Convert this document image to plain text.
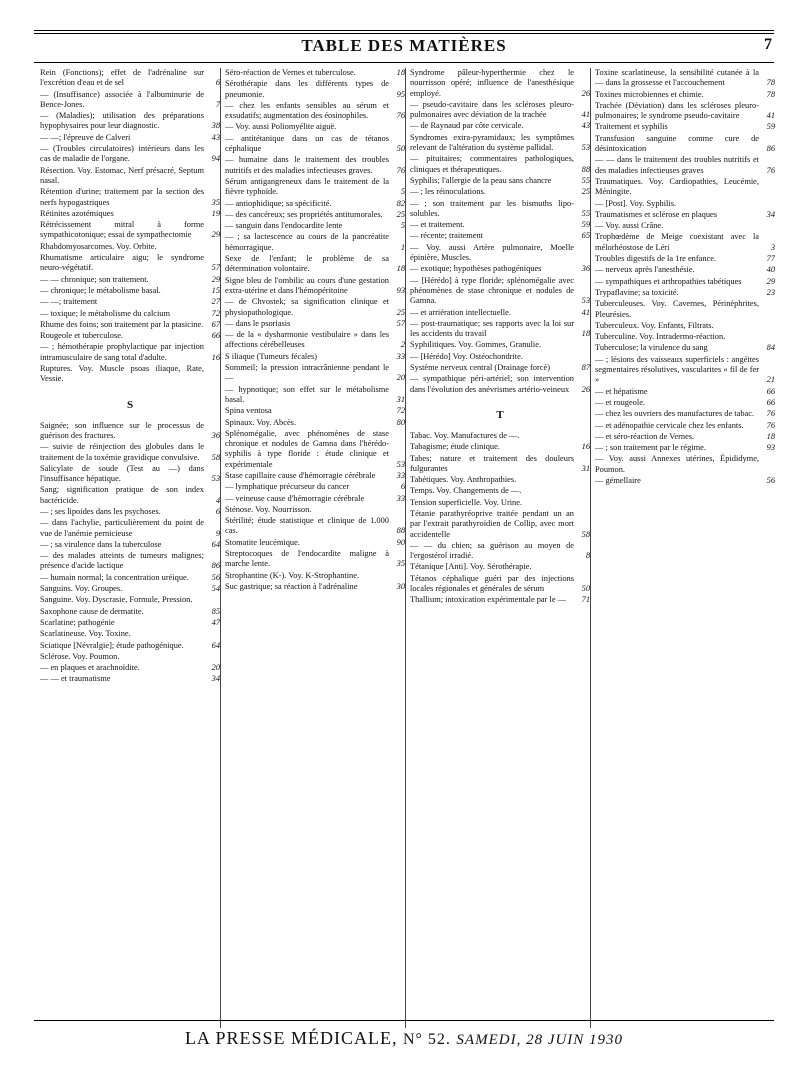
TABLE DES MATIÈRES	7
Rein (Fonctions); effet de l'adrénaline sur l'excrétion d'eau et de sel	6
— (Insuffisance) associée à l'albuminurie de Bence-Jones.	7
— (Maladies); utilisation des préparations hypophysaires pour leur diagnostic.	38
— —; l'épreuve de Calveri	43
— (Troubles circulatoires) intérieurs dans les cas de maladie de l'organe.	94
Résection. Voy. Estomac, Nerf présacré, Septum nasal.
Rétention d'urine; traitement par la section des nerfs hypogastriques	35
Rétinites azotémiques	19
Rétrécissement mitral à forme sympathicotonique; essai de sympathectomie 29
Rhabdomyosarcomes. Voy. Orbite.
Rhumatisme articulaire aigu; le syndrome neuro-végétatif.	57
— — chronique; son traitement.	29
— chronique; le métabolisme basal.	15
— —; traitement	27
— toxique; le métabolisme du calcium	72
Rhume des foins; son traitement par la ptasicine. 67
Rougeole et tuberculose.	66
— ; hémothérapie prophylactique par injection intramusculaire de sang total d'adulte.	16
Ruptures. Voy. Muscle psoas iliaque, Rate, Vessie.
S
Saignée; son influence sur le processus de guérison des fractures.	36
— suivie de réinjection des globules dans le traitement de la toxémie gravidique convulsive. 58
Salicylate de soude (Test au —) dans l'insuffisance hépatique.	53
Sang; signification pratique de son index bactéricide.	4
— ; ses lipoides dans les psychoses.	6
— dans l'achylie, particulièrement du point de vue de l'anémie pernicieuse	9
— ; sa virulence dans la tuberculose	64
— des malades atteints de tumeurs malignes; présence d'acide lactique	86
— humain normal; la concentration uréique.	56
Sanguins. Voy. Groupes.	54
Sanguine. Voy. Dyscrasie, Formule, Pression.
Saxophone cause de dermatite.	85
Scarlatine; pathogénie	47
Scarlatineuse. Voy. Toxine.
Sciatique [Névralgie]; étude pathogénique.	64
Sclérose. Voy. Poumon.
— en plaques et arachnoïdite.	20
— — et traumatisme	34
Séro-réaction de Vernes et tuberculose.	18
Sérothérapie dans les différents types de pneumonie.	95
— chez les enfants sensibles au sérum et exsudatifs; augmentation des éosinophiles.	76
— Voy. aussi Poliomyélite aiguë.
— antitétanique dans un cas de tétanos céphalique	50
— humaine dans le traitement des troubles nutritifs et des maladies infectieuses graves.	76
Sérum antigangreneux dans le traitement de la fièvre typhoïde.	5
— antiophidique; sa spécificité.	82
— des cancéreux; ses propriétés antitumorales. 25
— sanguin dans l'endocardite lente	5
— ; sa lactescence au cours de la pancréatite hémorragique.	1
Sexe de l'enfant; le problème de sa détermination volontaire.	18
Signe bleu de l'ombilic au cours d'une gestation extra-utérine et dans l'hémopéritoine	93
— de Chvostek; sa signification clinique et physiopathologique.	25
— dans le psoriasis	57
— de la « dysharmonie vestibulaire » dans les affections cérébelleuses	2
S iliaque (Tumeurs fécales)	33
Sommeil; la pression intracrânienne pendant le —	20
— hypnotique; son effet sur le métabolisme basal.	31
Spina ventosa	72
Spinaux. Voy. Abcès.	80
Splénomégalie, avec phénomènes de stase chronique et nodules de Gamna dans l'hérédo-syphilis à type floride : étude clinique et expérimentale	53
Stase capillaire cause d'hémorragie cérébrale	33
— lymphatique précurseur du cancer	6
— veineuse cause d'hémorragie cérébrale	33
Sténose. Voy. Nourrisson.
Stérilité; étude statistique et clinique de 1.000 cas.	88
Stomatite leucémique.	90
Streptocoques de l'endocardite maligne à marche lente.	35
Strophantine (K-). Voy. K-Strophantine.
Suc gastrique; sa réaction à l'adrénaline	30
Syndrome pâleur-hyperthermie chez le nourrisson opéré; influence de l'anesthésique employé.	26
— pseudo-cavitaire dans les scléroses pleuro-pulmonaires avec déviation de la trachée	41
— de Raynaud par côte cervicale.	43
Syndromes extra-pyramidaux; les symptômes relevant de l'altération du système pallidal.	53
— pituitaires; commentaires pathologiques, cliniques et thérapeutiques.	88
Syphilis; l'allergie de la peau sans chancre	55
— ; les réinoculations.	25
— ; son traitement par les bismuths lipo-solubles.	55
— et traitement.	59
— récente; traitement	65
— Voy. aussi Artère pulmonaire, Moelle épinière, Muscles.
— exotique; hypothèses pathogéniques	36
— [Hérédo] à type floride; splénomégalie avec phénomènes de stase chronique et nodules de Gamna.	53
— et arriération intellectuelle.	41
— post-traumatique; ses rapports avec la loi sur les accidents du travail	18
Syphilitiques. Voy. Gommes, Granulie.
— [Hérédo] Voy. Ostéochondrite.
Système nerveux central (Drainage forcé)	87
— sympathique péri-artériel; son intervention dans l'évolution des anévrismes artério-veineux 26
T
Tabac. Voy. Manufactures de —.
Tabagisme; étude clinique.	16
Tabes; nature et traitement des douleurs fulgurantes	31
Tabétiques. Voy. Anthropathies.
Temps. Voy. Changements de —.
Tension superficielle. Voy. Urine.
Tétanie parathyréoprive traitée pendant un an par l'extrait parathyroïdien de Collip, avec mort accidentelle	58
— — du chien; sa guérison au moyen de l'ergostérol irradié.	8
Tétanique [Anti]. Voy. Sérothérapie.
Tétanos céphalique guéri par des injections locales régionales et générales de sérum	50
Thallium; intoxication expérimentale par le — 71
Toxine scarlatineuse, la sensibilité cutanée à la — dans la grossesse et l'accouchement	78
Toxines microbiennes et chimie.	78
Trachée (Déviation) dans les scléroses pleuro-pulmonaires; le syndrome pseudo-cavitaire	41
Traitement et syphilis	59
Transfusion sanguine comme cure de désintoxication	86
— — dans le traitement des troubles nutritifs et des maladies infectieuses graves	76
Traumatiques. Voy. Cardiopathies, Leucémie, Méningite.
— [Post]. Voy. Syphilis.
Traumatismes et sclérose en plaques	34
— Voy. aussi Crâne.
Trophœdème de Meige coexistant avec la mélorhéostose de Léri	3
Troubles digestifs de la 1re enfance.	77
— nerveux après l'anesthésie.	40
— sympathiques et arthropathies tabétiques	29
Trypaflavine; sa toxicité.	23
Tuberculeuses. Voy. Cavernes, Périnéphrites, Pleurésies.
Tuberculeux. Voy. Enfants, Filtrats.
Tuberculine. Voy. Intradermo-réaction.
Tuberculose; la virulence du sang	84
— ; lésions des vaisseaux superficiels : angéites segmentaires résolutives, vascularites « fil de fer »	21
— et hépatisme	66
— et rougeole.	66
— chez les ouvriers des manufactures de tabac. 76
— et adénopathie cervicale chez les enfants.	76
— et séro-réaction de Vernes.	18
— ; son traitement par le régime.	93
— Voy. aussi Annexes utérines, Épididyme, Poumon.
— gémellaire	56
LA PRESSE MÉDICALE, N° 52. SAMEDI, 28 JUIN 1930
